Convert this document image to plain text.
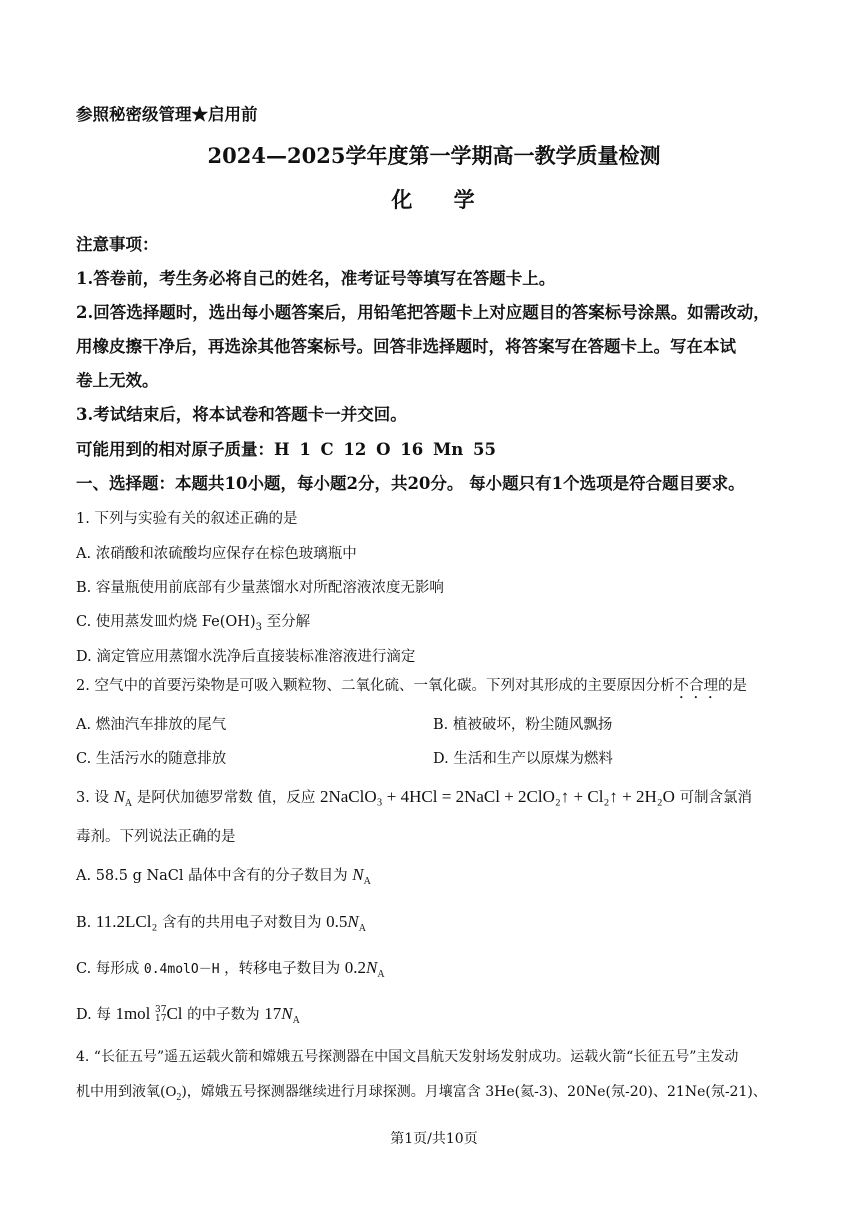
参照秘密级管理★启用前
2024—2025学年度第一学期高一教学质量检测
化 学
注意事项：
1.答卷前，考生务必将自己的姓名，准考证号等填写在答题卡上。
2.回答选择题时，选出每小题答案后，用铅笔把答题卡上对应题目的答案标号涂黑。如需改动，
用橡皮擦干净后，再选涂其他答案标号。回答非选择题时，将答案写在答题卡上。写在本试
卷上无效。
3.考试结束后，将本试卷和答题卡一并交回。
可能用到的相对原子质量：H 1 C 12 O 16 Mn 55
一、选择题：本题共10小题，每小题2分，共20分。 每小题只有1个选项是符合题目要求。
1. 下列与实验有关的叙述正确的是
A. 浓硝酸和浓硫酸均应保存在棕色玻璃瓶中
B. 容量瓶使用前底部有少量蒸馏水对所配溶液浓度无影响
C. 使用蒸发皿灼烧 $Fe(OH)_3$ 至分解
D. 滴定管应用蒸馏水洗净后直接装标准溶液进行滴定
2. 空气中的首要污染物是可吸入颗粒物、二氧化硫、一氧化碳。下列对其形成的主要原因分析不合理的是
A. 燃油汽车排放的尾气	B. 植被破坏，粉尘随风飘扬
C. 生活污水的随意排放	D. 生活和生产以原煤为燃料
3. 设 $N_A$ 是阿伏加德罗常数 值，反应 2NaClO₃ + 4HCl = 2NaCl + 2ClO₂↑ + Cl₂↑ + 2H₂O 可制含氯消
毒剂。下列说法正确的是
A. 58.5 g NaCl 晶体中含有的分子数目为 $N_A$
B. 11.2LCl₂ 含有的共用电子对数目为 $0.5N_A$
C. 每形成 0.4molO－H ，转移电子数目为 $0.2N_A$
D. 每 1mol 37
17 Cl 的中子数为 $17N_A$
4. “长征五号”遥五运载火箭和嫦娥五号探测器在中国文昌航天发射场发射成功。运载火箭“长征五号”主发动
机中用到液氧$(O_2)$，嫦娥五号探测器继续进行月球探测。月壤富含 3He(氦-3)、20Ne(氖-20)、21Ne(氖-21)、
第1页/共10页
